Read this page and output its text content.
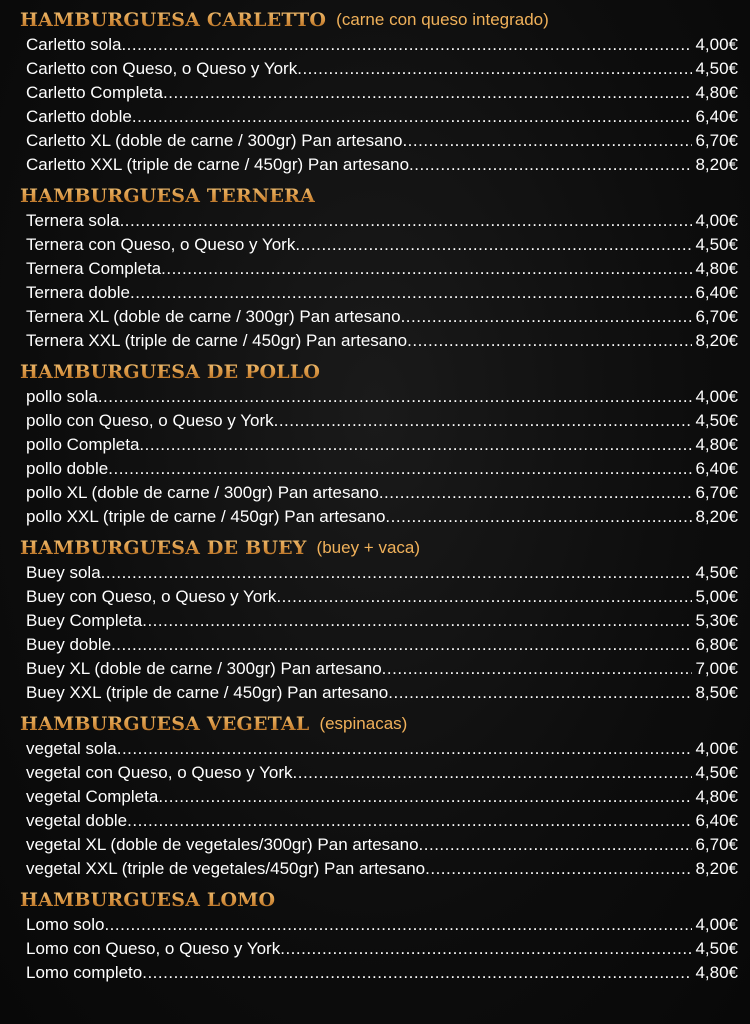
HAMBURGUESA CARLETTO (carne con queso integrado)
Carletto sola .....	4,00€
Carletto con Queso, o Queso y York .....	4,50€
Carletto Completa .....	4,80€
Carletto doble .....	6,40€
Carletto XL (doble de carne / 300gr) Pan artesano .....	6,70€
Carletto XXL (triple de carne / 450gr) Pan artesano .....	8,20€
HAMBURGUESA TERNERA
Ternera sola .....	4,00€
Ternera con Queso, o Queso y York .....	4,50€
Ternera Completa .....	4,80€
Ternera doble .....	6,40€
Ternera XL (doble de carne / 300gr) Pan artesano .....	6,70€
Ternera XXL (triple de carne / 450gr) Pan artesano .....	8,20€
HAMBURGUESA DE POLLO
pollo sola .....	4,00€
pollo con Queso, o Queso y York .....	4,50€
pollo Completa .....	4,80€
pollo doble .....	6,40€
pollo XL (doble de carne / 300gr) Pan artesano .....	6,70€
pollo XXL (triple de carne / 450gr) Pan artesano .....	8,20€
HAMBURGUESA DE BUEY (buey + vaca)
Buey sola .....	4,50€
Buey con Queso, o Queso y York .....	5,00€
Buey Completa .....	5,30€
Buey doble .....	6,80€
Buey XL (doble de carne / 300gr) Pan artesano .....	7,00€
Buey XXL (triple de carne / 450gr) Pan artesano .....	8,50€
HAMBURGUESA VEGETAL (espinacas)
vegetal sola .....	4,00€
vegetal con Queso, o Queso y York .....	4,50€
vegetal Completa .....	4,80€
vegetal doble .....	6,40€
vegetal XL (doble de vegetales/300gr) Pan artesano .....	6,70€
vegetal XXL (triple de vegetales/450gr) Pan artesano .....	8,20€
HAMBURGUESA LOMO
Lomo solo .....	4,00€
Lomo con Queso, o Queso y York .....	4,50€
Lomo completo .....	4,80€
